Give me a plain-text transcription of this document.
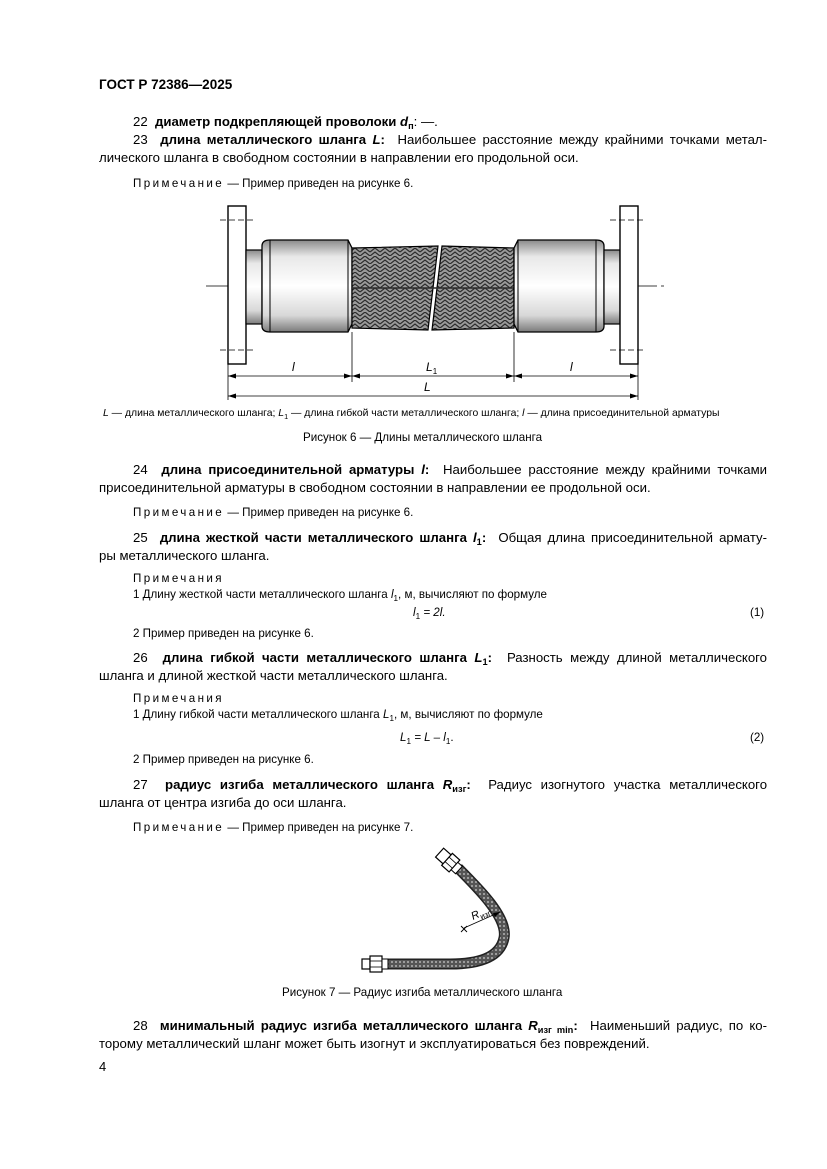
ГОСТ Р 72386—2025
22 диаметр подкрепляющей проволоки $d_п$: —.
23 длина металлического шланга L: Наибольшее расстояние между крайними точками метал-
лического шланга в свободном состоянии в направлении его продольной оси.
Примечание — Пример приведен на рисунке 6.
l	$L_1$	l
L
L — длина металлического шланга; $L_1$ — длина гибкой части металлического шланга; l — длина присоединительной арматуры
Рисунок 6 — Длины металлического шланга
24 длина присоединительной арматуры l: Наибольшее расстояние между крайними точками
присоединительной арматуры в свободном состоянии в направлении ее продольной оси.
Примечание — Пример приведен на рисунке 6.
25 длина жесткой части металлического шланга $l_1$: Общая длина присоединительной армату-
ры металлического шланга.
Примечания
1 Длину жесткой части металлического шланга $l_1$, м, вычисляют по формуле
$l_1 = 2l$.	(1)
2 Пример приведен на рисунке 6.
26 длина гибкой части металлического шланга $L_1$: Разность между длиной металлического
шланга и длиной жесткой части металлического шланга.
Примечания
1 Длину гибкой части металлического шланга $L_1$, м, вычисляют по формуле
$L_1 = L - l_1$.	(2)
2 Пример приведен на рисунке 6.
27 радиус изгиба металлического шланга $R_{изг}$: Радиус изогнутого участка металлического
шланга от центра изгиба до оси шланга.
Примечание — Пример приведен на рисунке 7.
$R_{изг}$
Рисунок 7 — Радиус изгиба металлического шланга
28 минимальный радиус изгиба металлического шланга $R_{изг min}$: Наименьший радиус, по ко-
торому металлический шланг может быть изогнут и эксплуатироваться без повреждений.
4
